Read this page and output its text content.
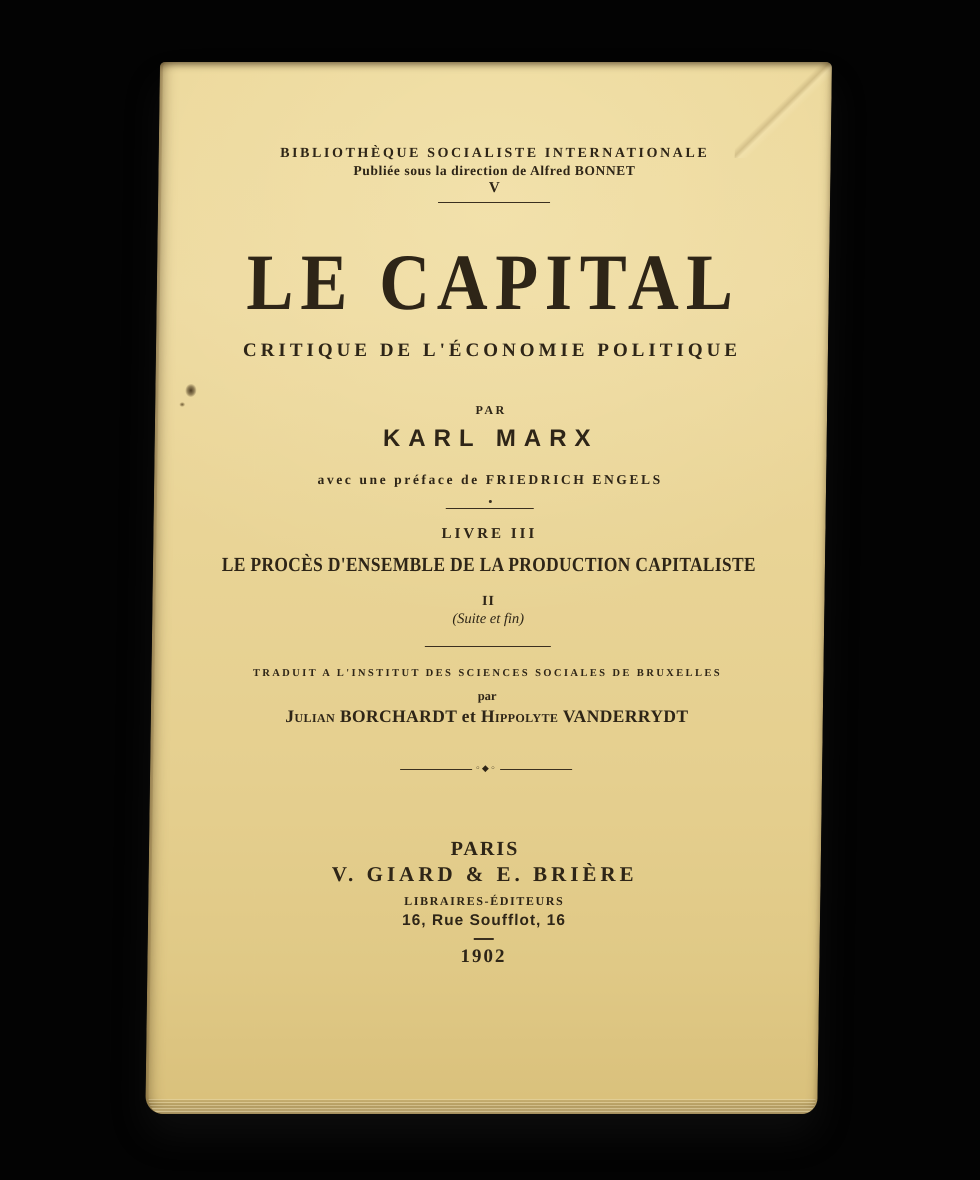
BIBLIOTHÈQUE SOCIALISTE INTERNATIONALE
Publiée sous la direction de Alfred BONNET
V
LE CAPITAL
CRITIQUE DE L'ÉCONOMIE POLITIQUE
PAR
KARL MARX
avec une préface de FRIEDRICH ENGELS
LIVRE III
LE PROCÈS D'ENSEMBLE DE LA PRODUCTION CAPITALISTE
II
(Suite et fin)
TRADUIT A L'INSTITUT DES SCIENCES SOCIALES DE BRUXELLES
par
Julian BORCHARDT et Hippolyte VANDERRYDT
◦◆◦
PARIS
V. GIARD & E. BRIÈRE
LIBRAIRES-ÉDITEURS
16, Rue Soufflot, 16
1902
